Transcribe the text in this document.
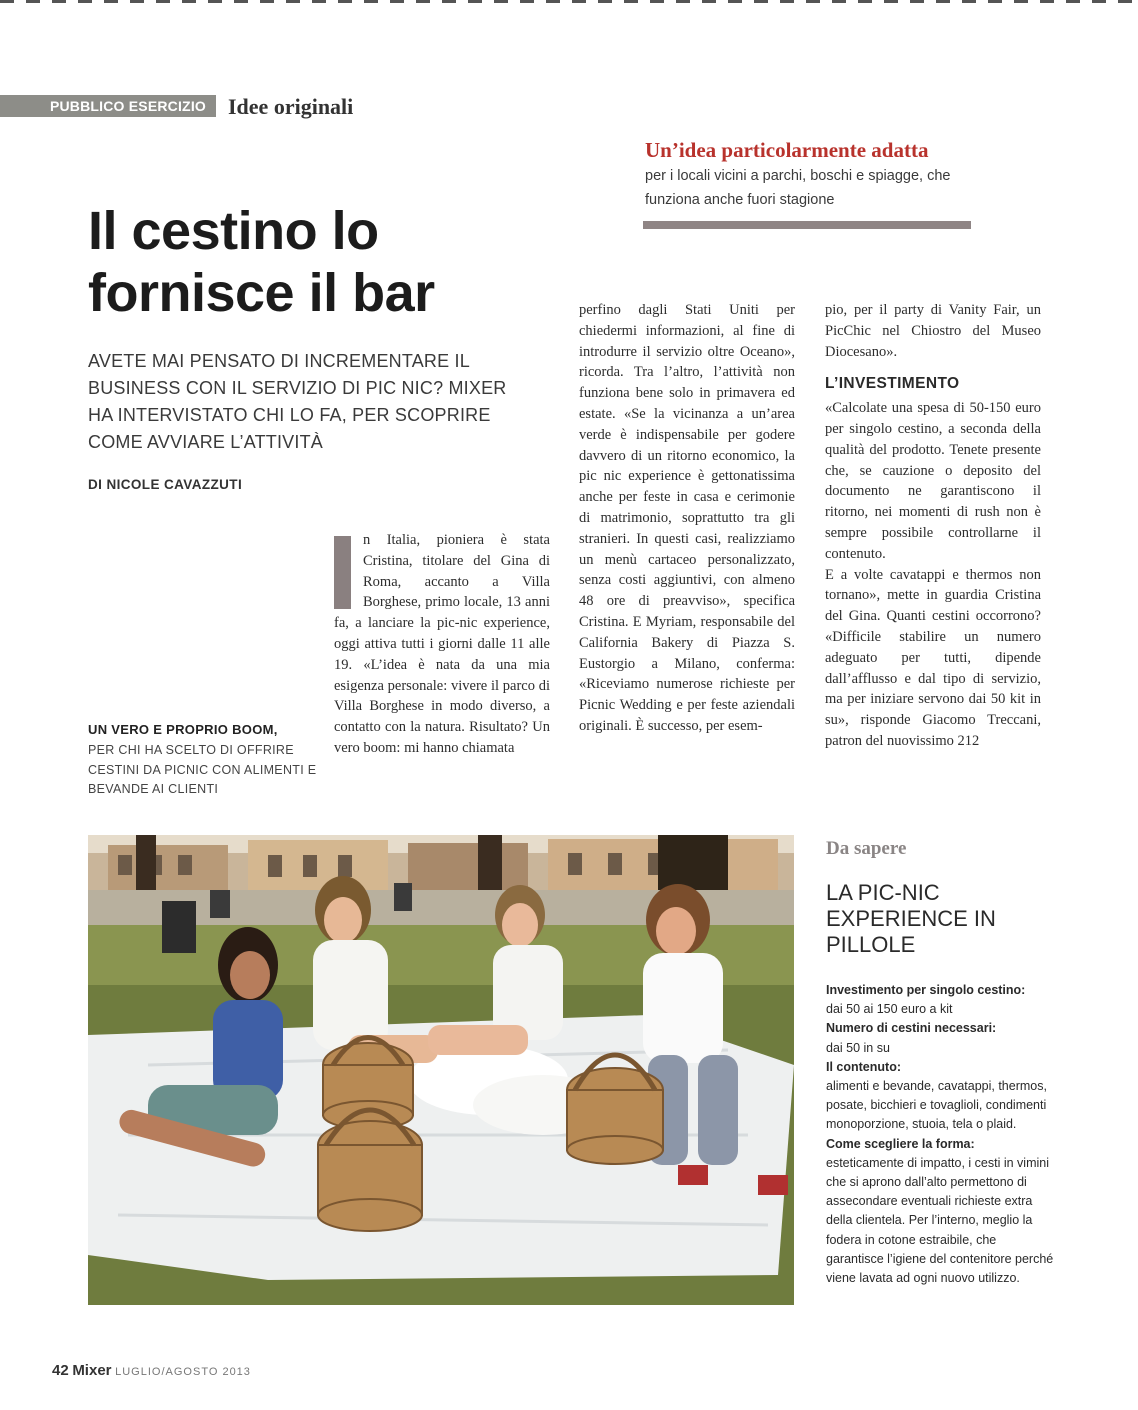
PUBBLICO ESERCIZIO	Idee originali
Un’idea particolarmente adatta
per i locali vicini a parchi, boschi e spiagge, che funziona anche fuori stagione
Il cestino lo fornisce il bar
AVETE MAI PENSATO DI INCREMENTARE IL BUSINESS CON IL SERVIZIO DI PIC NIC? MIXER HA INTERVISTATO CHI LO FA, PER SCOPRIRE COME AVVIARE L’ATTIVITÀ
DI NICOLE CAVAZZUTI
UN VERO E PROPRIO BOOM,
PER CHI HA SCELTO DI OFFRIRE CESTINI DA PICNIC CON ALIMENTI E BEVANDE AI CLIENTI

n Italia, pioniera è stata Cristina, titolare del Gina di Roma, accanto a Villa Borghese, primo locale, 13 anni fa, a lanciare la pic-nic experience, oggi attiva tutti i giorni dalle 11 alle 19. «L’idea è nata da una mia esigenza personale: vivere il parco di Villa Borghese in modo diverso, a contatto con la natura. Risultato? Un vero boom: mi hanno chiamata

perfino dagli Stati Uniti per chiedermi informazioni, al fine di introdurre il servizio oltre Oceano», ricorda. Tra l’altro, l’attività non funziona bene solo in primavera ed estate. «Se la vicinanza a un’area verde è indispensabile per godere davvero di un ritorno economico, la pic nic experience è gettonatissima anche per feste in casa e cerimonie di matrimonio, soprattutto tra gli stranieri. In questi casi, realizziamo un menù cartaceo personalizzato, senza costi aggiuntivi, con almeno 48 ore di preavviso», specifica Cristina. E Myriam, responsabile del California Bakery di Piazza S. Eustorgio a Milano, conferma: «Riceviamo numerose richieste per Picnic Wedding e per feste aziendali originali. È successo, per esem-

pio, per il party di Vanity Fair, un PicChic nel Chiostro del Museo Diocesano».

L’INVESTIMENTO

«Calcolate una spesa di 50-150 euro per singolo cestino, a seconda della qualità del prodotto. Tenete presente che, se cauzione o deposito del documento ne garantiscono il ritorno, nei momenti di rush non è sempre possibile controllarne il contenuto.

E a volte cavatappi e thermos non tornano», mette in guardia Cristina del Gina. Quanti cestini occorrono? «Difficile stabilire un numero adeguato per tutti, dipende dall’afflusso e dal tipo di servizio, ma per iniziare servono dai 50 kit in su», risponde Giacomo Treccani, patron del nuovissimo 212

Da sapere
LA PIC-NIC EXPERIENCE IN PILLOLE
Investimento per singolo cestino:
dai 50 ai 150 euro a kit
Numero di cestini necessari:
dai 50 in su
Il contenuto:
alimenti e bevande, cavatappi, thermos, posate, bicchieri e tovaglioli, condimenti monoporzione, stuoia, tela o plaid.
Come scegliere la forma:
esteticamente di impatto, i cesti in vimini che si aprono dall’alto permettono di assecondare eventuali richieste extra della clientela. Per l’interno, meglio la fodera in cotone estraibile, che garantisce l’igiene del contenitore perché viene lavata ad ogni nuovo utilizzo.
42 Mixer LUGLIO/AGOSTO 2013
